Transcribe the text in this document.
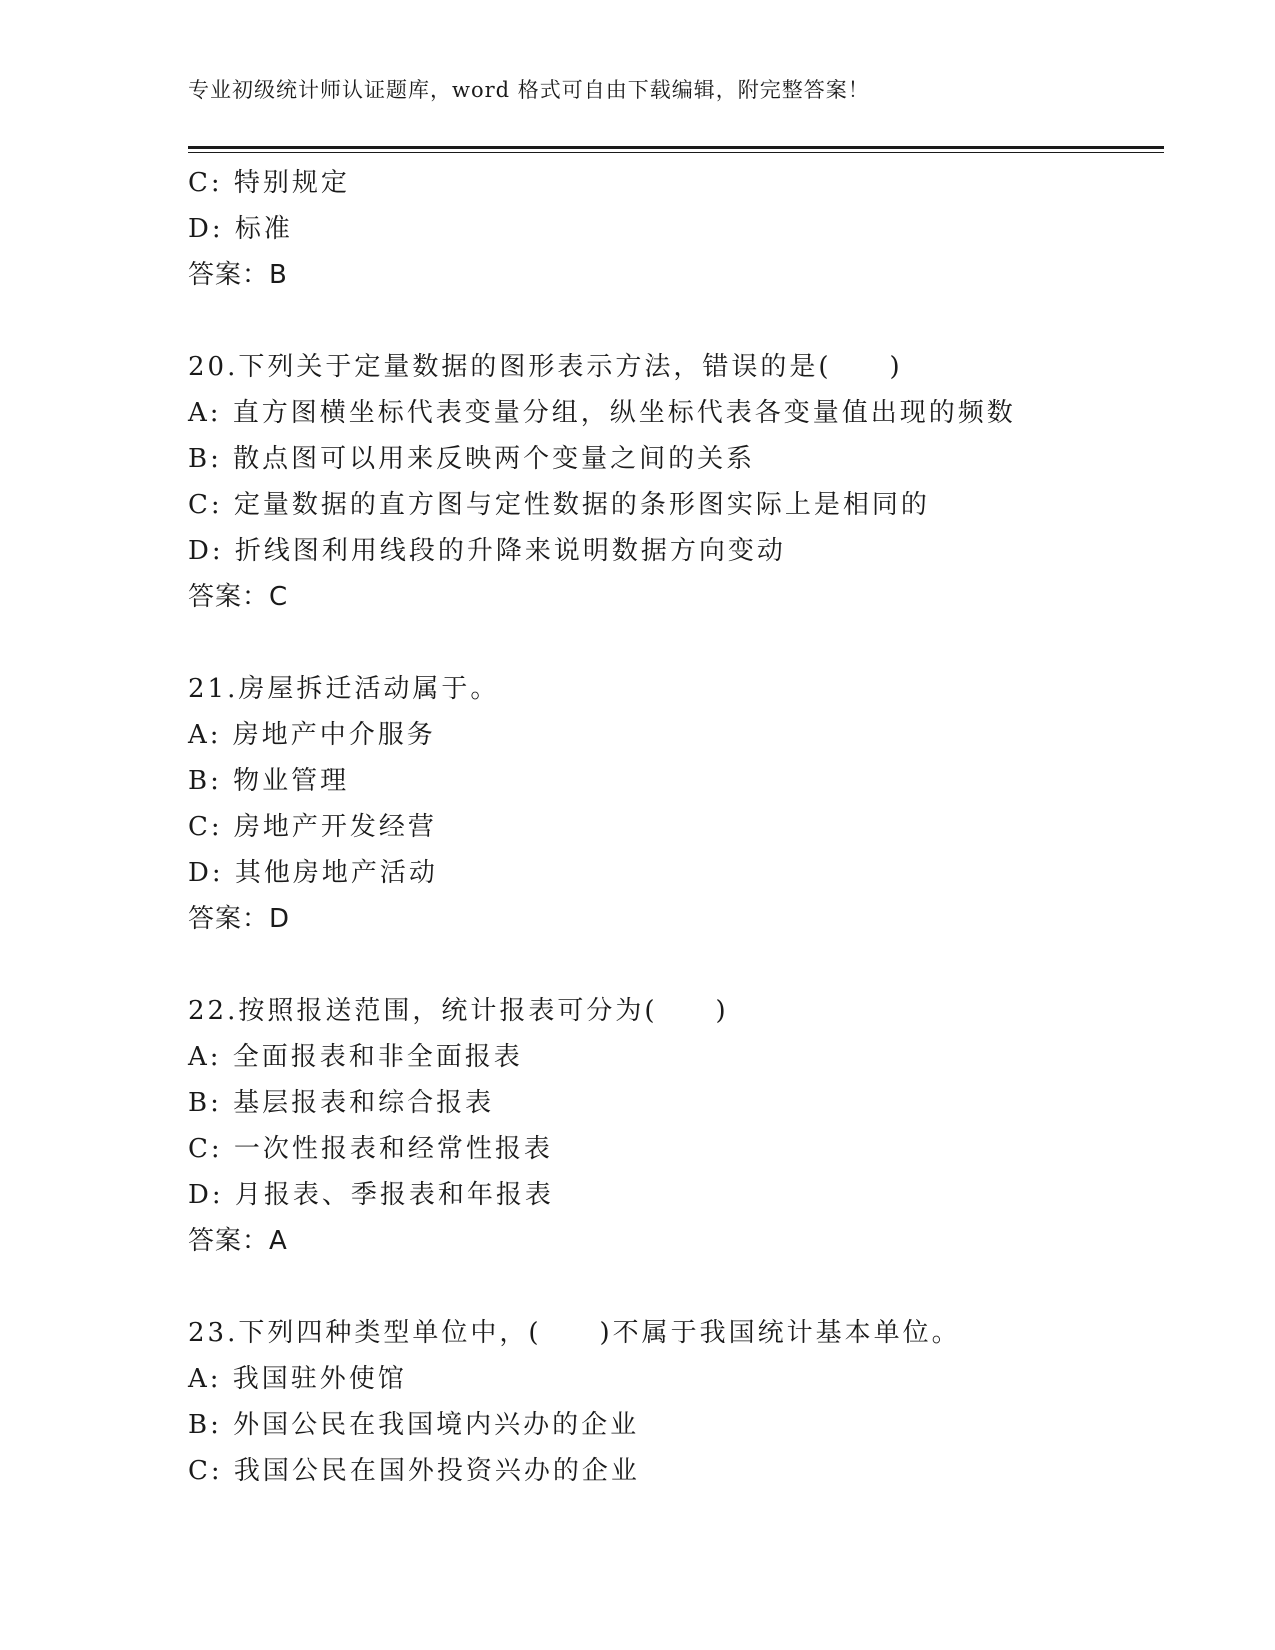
专业初级统计师认证题库，word 格式可自由下载编辑，附完整答案！
C: 特别规定
D: 标准
答案：B
20.下列关于定量数据的图形表示方法，错误的是(　　)
A: 直方图横坐标代表变量分组，纵坐标代表各变量值出现的频数
B: 散点图可以用来反映两个变量之间的关系
C: 定量数据的直方图与定性数据的条形图实际上是相同的
D: 折线图利用线段的升降来说明数据方向变动
答案：C
21.房屋拆迁活动属于。
A: 房地产中介服务
B: 物业管理
C: 房地产开发经营
D: 其他房地产活动
答案：D
22.按照报送范围，统计报表可分为(　　)
A: 全面报表和非全面报表
B: 基层报表和综合报表
C: 一次性报表和经常性报表
D: 月报表、季报表和年报表
答案：A
23.下列四种类型单位中，(　　)不属于我国统计基本单位。
A: 我国驻外使馆
B: 外国公民在我国境内兴办的企业
C: 我国公民在国外投资兴办的企业
